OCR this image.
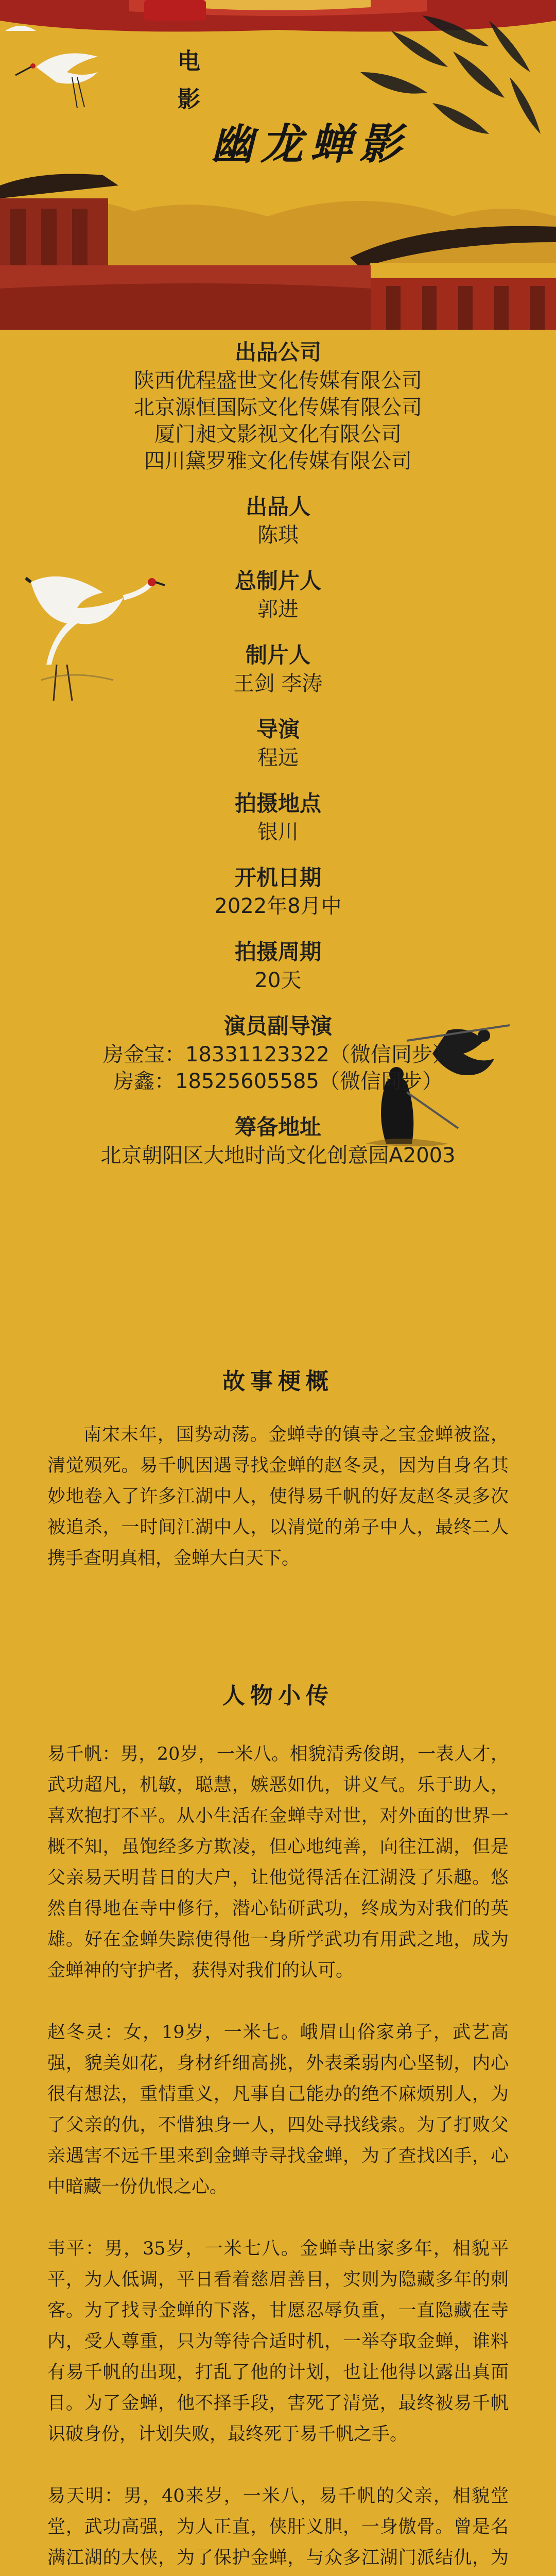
电影
幽龙蝉影
出品公司
陕西优程盛世文化传媒有限公司
北京源恒国际文化传媒有限公司
厦门昶文影视文化有限公司
四川黛罗雅文化传媒有限公司
出品人
陈琪
总制片人
郭进
制片人
王剑 李涛
导演
程远
拍摄地点
银川
开机日期
2022年8月中
拍摄周期
20天
演员副导演
房金宝：18331123322（微信同步）
房鑫：18525605585（微信同步）
筹备地址
北京朝阳区大地时尚文化创意园A2003
故事梗概

南宋末年，国势动荡。金蝉寺的镇寺之宝金蝉被盗，清觉殒死。易千帆因遇寻找金蝉的赵冬灵，因为自身名其妙地卷入了许多江湖中人，使得易千帆的好友赵冬灵多次被追杀，一时间江湖中人，以清觉的弟子中人，最终二人携手查明真相，金蝉大白天下。

人物小传

易千帆：男，20岁，一米八。相貌清秀俊朗，一表人才，武功超凡，机敏，聪慧，嫉恶如仇，讲义气。乐于助人，喜欢抱打不平。从小生活在金蝉寺对世，对外面的世界一概不知，虽饱经多方欺凌，但心地纯善，向往江湖，但是父亲易天明昔日的大户，让他觉得活在江湖没了乐趣。悠然自得地在寺中修行，潜心钻研武功，终成为对我们的英雄。好在金蝉失踪使得他一身所学武功有用武之地，成为金蝉神的守护者，获得对我们的认可。

赵冬灵：女，19岁，一米七。峨眉山俗家弟子，武艺高强，貌美如花，身材纤细高挑，外表柔弱内心坚韧，内心很有想法，重情重义，凡事自己能办的绝不麻烦别人，为了父亲的仇，不惜独身一人，四处寻找线索。为了打败父亲遇害不远千里来到金蝉寺寻找金蝉，为了查找凶手，心中暗藏一份仇恨之心。

韦平：男，35岁，一米七八。金蝉寺出家多年，相貌平平，为人低调，平日看着慈眉善目，实则为隐藏多年的刺客。为了找寻金蝉的下落，甘愿忍辱负重，一直隐藏在寺内，受人尊重，只为等待合适时机，一举夺取金蝉，谁料有易千帆的出现，打乱了他的计划，也让他得以露出真面目。为了金蝉，他不择手段，害死了清觉，最终被易千帆识破身份，计划失败，最终死于易千帆之手。

易天明：男，40来岁，一米八，易千帆的父亲，相貌堂堂，武功高强，为人正直，侠肝义胆，一身傲骨。曾是名满江湖的大侠，为了保护金蝉，与众多江湖门派结仇，为
